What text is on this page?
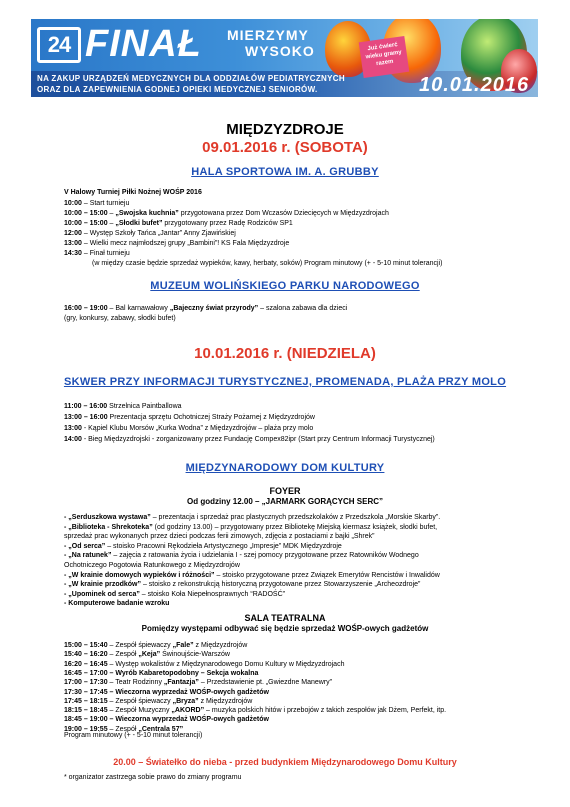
24 FINAŁ MIERZYMY
WYSOKO	Już ćwierć wieku gramy razem
NA ZAKUP URZĄDZEŃ MEDYCZNYCH DLA ODDZIAŁÓW PEDIATRYCZNYCH
ORAZ DLA ZAPEWNIENIA GODNEJ OPIEKI MEDYCZNEJ SENIORÓW.	10.01.2016
MIĘDZYZDROJE
09.01.2016 r. (SOBOTA)
HALA SPORTOWA IM. A. GRUBBY
V Halowy Turniej Piłki Nożnej WOŚP 2016
10:00 – Start turnieju
10:00 – 15:00 – „Swojska kuchnia” przygotowana przez Dom Wczasów Dziecięcych w Międzyzdrojach
10:00 – 15:00 – „Słodki bufet” przygotowany przez Radę Rodziców SP1
12:00 – Występ Szkoły Tańca „Jantar” Anny Zjawińskiej
13:00 – Wielki mecz najmłodszej grupy „Bambini”! KS Fala Międzyzdroje
14:30 – Finał turnieju
(w między czasie będzie sprzedaż wypieków, kawy, herbaty, soków) Program minutowy (+ - 5-10 minut tolerancji)
MUZEUM WOLIŃSKIEGO PARKU NARODOWEGO
16:00 – 19:00 – Bal karnawałowy „Bajeczny świat przyrody” – szalona zabawa dla dzieci
(gry, konkursy, zabawy, słodki bufet)
10.01.2016 r. (NIEDZIELA)
SKWER PRZY INFORMACJI TURYSTYCZNEJ, PROMENADA, PLAŻA PRZY MOLO
11:00 – 16:00 Strzelnica Paintballowa
13:00 – 16:00 Prezentacja sprzętu Ochotniczej Straży Pożarnej z Międzyzdrojów
13:00 - Kąpiel Klubu Morsów „Kurka Wodna” z Międzyzdrojów – plaża przy molo
14:00 - Bieg Międzyzdrojski - zorganizowany przez Fundację Compex82ipr (Start przy Centrum Informacji Turystycznej)
MIĘDZYNARODOWY DOM KULTURY
FOYER
Od godziny 12.00 – „JARMARK GORĄCYCH SERC”
- „Serduszkowa wystawa” – prezentacja i sprzedaż prac plastycznych przedszkolaków z Przedszkola „Morskie Skarby”.
- „Biblioteka - Shrekoteka” (od godziny 13.00) – przygotowany przez Bibliotekę Miejską kiermasz książek, słodki bufet,
sprzedaż prac wykonanych przez dzieci podczas ferii zimowych, zdjęcia z postaciami z bajki „Shrek”
- „Od serca” – stoisko Pracowni Rękodzieła Artystycznego „Impresje” MDK Międzyzdroje
- „Na ratunek” – zajęcia z ratowania życia i udzielania I - szej pomocy przygotowane przez Ratowników Wodnego
Ochotniczego Pogotowia Ratunkowego z Międzyzdrojów
- „W krainie domowych wypieków i różności” – stoisko przygotowane przez Związek Emerytów Rencistów i Inwalidów
- „W krainie przodków” – stoisko z rekonstrukcją historyczną przygotowane przez Stowarzyszenie „Archeozdroje”
- „Upominek od serca” – stoisko Koła Niepełnosprawnych “RADOŚĆ”
- Komputerowe badanie wzroku
SALA TEATRALNA
Pomiędzy występami odbywać się będzie sprzedaż WOŚP-owych gadżetów
15:00 – 15:40 – Zespół śpiewaczy „Fale” z Międzyzdrojów
15:40 – 16:20 – Zespół „Keja” Świnoujście-Warszów
16:20 – 16:45 – Występ wokalistów z Międzynarodowego Domu Kultury w Międzyzdrojach
16:45 – 17:00 – Wyrób Kabaretopodobny – Sekcja wokalna
17:00 – 17:30 – Teatr Rodzinny „Fantazja” – Przedstawienie pt. „Gwiezdne Manewry”
17:30 – 17:45 – Wieczorna wyprzedaż WOŚP-owych gadżetów
17:45 – 18:15 – Zespół śpiewaczy „Bryza” z Międzyzdrojów
18:15 – 18:45 – Zespół Muzyczny „AKORD” – muzyka polskich hitów i przebojów z takich zespołów jak Dżem, Perfekt, itp.
18:45 – 19:00 – Wieczorna wyprzedaż WOŚP-owych gadżetów
19:00 – 19:55 – Zespół „Centrala 57”
Program minutowy (+ - 5-10 minut tolerancji)
20.00 – Światełko do nieba - przed budynkiem Międzynarodowego Domu Kultury
* organizator zastrzega sobie prawo do zmiany programu
